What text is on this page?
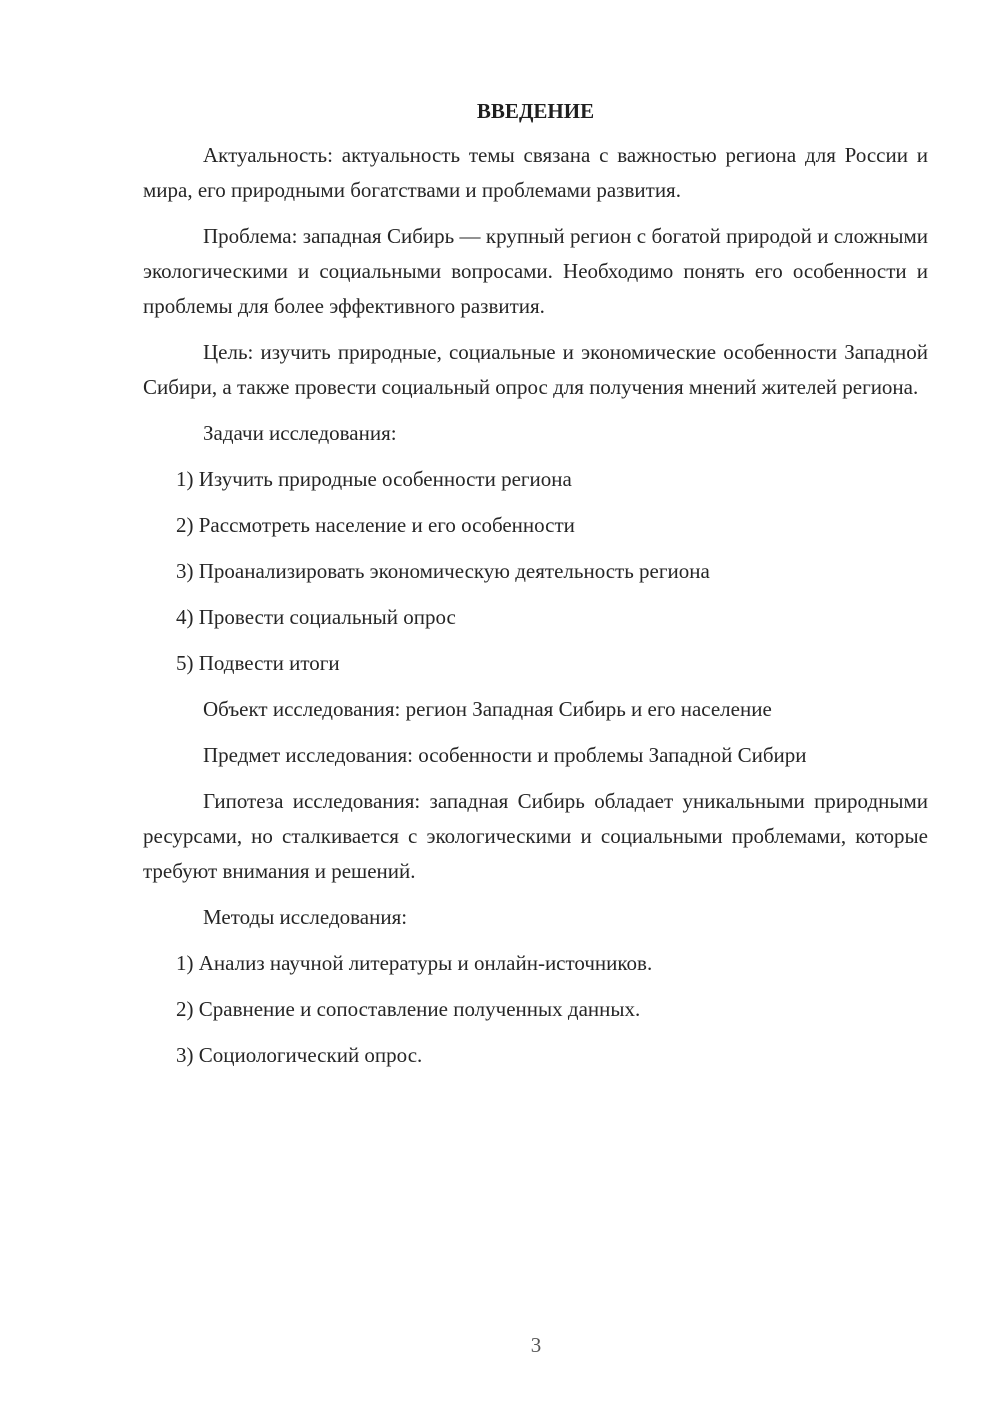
ВВЕДЕНИЕ

Актуальность: актуальность темы связана с важностью региона для России и мира, его природными богатствами и проблемами развития.

Проблема: западная Сибирь — крупный регион с богатой природой и сложными экологическими и социальными вопросами. Необходимо понять его особенности и проблемы для более эффективного развития.

Цель: изучить природные, социальные и экономические особенности Западной Сибири, а также провести социальный опрос для получения мнений жителей региона.

Задачи исследования:

1) Изучить природные особенности региона
2) Рассмотреть население и его особенности
3) Проанализировать экономическую деятельность региона
4) Провести социальный опрос
5) Подвести итоги

Объект исследования: регион Западная Сибирь и его население

Предмет исследования: особенности и проблемы Западной Сибири

Гипотеза исследования: западная Сибирь обладает уникальными природными ресурсами, но сталкивается с экологическими и социальными проблемами, которые требуют внимания и решений.

Методы исследования:

1) Анализ научной литературы и онлайн-источников.
2) Сравнение и сопоставление полученных данных.
3) Социологический опрос.
3
